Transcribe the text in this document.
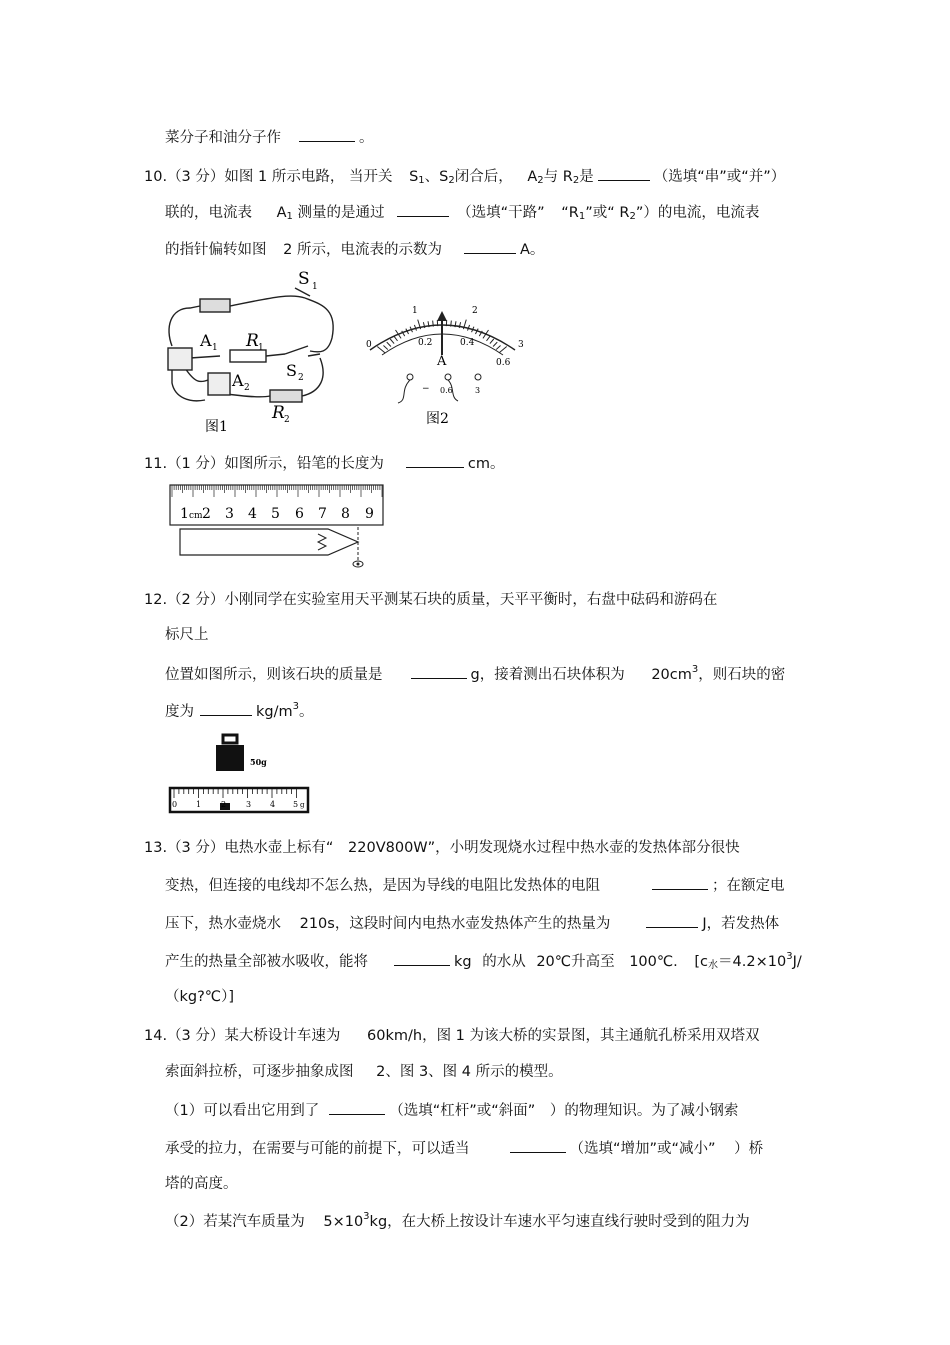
菜分子和油分子作	。
10.（3 分）如图 1 所示电路， 当开关 $S_1$、$S_2$闭合后， $A_2$与 $R_2$是	（选填“串”或“并”）
联的，电流表 $A_1$ 测量的是通过	（选填“干路” “$R_1$”或“ $R_2$”）的电流，电流表
的指针偏转如图 2 所示，电流表的示数为	A。
S 1
A 1 R 1
S 2
A 2
R 2
图1
0
1	2
3
0.2	0.4
0.6
A
− 0.6	3
图2
11.（1 分）如图所示，铅笔的长度为	cm。
1 cm 2 3 4 5 6 7 8 9
12.（2 分）小刚同学在实验室用天平测某石块的质量，天平平衡时，右盘中砝码和游码在
标尺上
位置如图所示，则该石块的质量是	g，接着测出石块体积为 $20cm^3$，则石块的密
度为	$kg/m^3$。
50g
0 1 2 3 4 5 g
13.（3 分）电热水壶上标有“ 220V800W”，小明发现烧水过程中热水壶的发热体部分很快
变热，但连接的电线却不怎么热，是因为导线的电阻比发热体的电阻	；在额定电
压下，热水壶烧水 210s，这段时间内电热水壶发热体产生的热量为	J，若发热体
产生的热量全部被水吸收，能将	kg 的水从 20℃升高至 100℃. [$c_水=4.2\times 10^3J/$
（kg?℃）]
14.（3 分）某大桥设计车速为 60km/h，图 1 为该大桥的实景图，其主通航孔桥采用双塔双
索面斜拉桥，可逐步抽象成图 2、图 3、图 4 所示的模型。
（1）可以看出它用到了	（选填“杠杆”或“斜面” ）的物理知识。为了减小钢索
承受的拉力，在需要与可能的前提下，可以适当	（选填“增加”或“减小” ）桥
塔的高度。
（2）若某汽车质量为 $5\times 10^3kg$，在大桥上按设计车速水平匀速直线行驶时受到的阻力为
